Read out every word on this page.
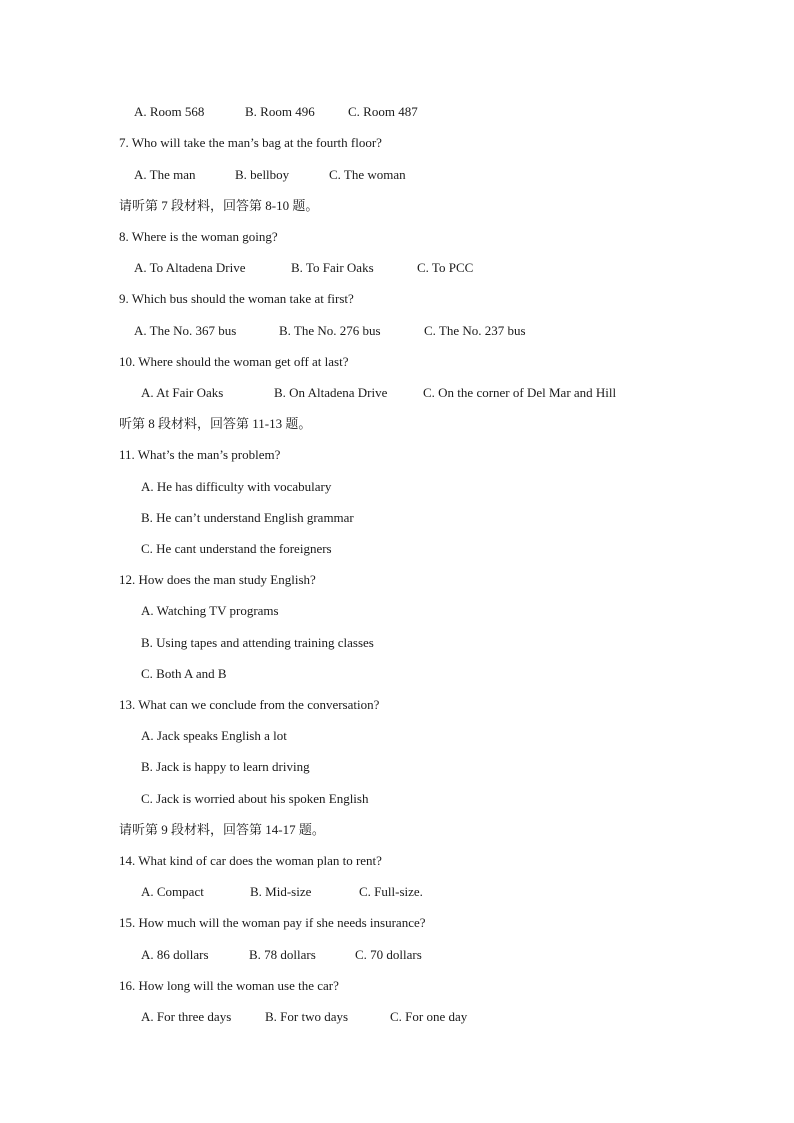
A. Room 568	B. Room 496	C. Room 487
7. Who will take the man’s bag at the fourth floor?
A. The man	B. bellboy	C. The woman
请听第 7 段材料，回答第 8-10 题。
8. Where is the woman going?
A. To Altadena Drive	B. To Fair Oaks	C. To PCC
9. Which bus should the woman take at first?
A. The No. 367 bus	B. The No. 276 bus	C. The No. 237 bus
10. Where should the woman get off at last?
A. At Fair Oaks	B. On Altadena Drive	C. On the corner of Del Mar and Hill
听第 8 段材料，回答第 11-13 题。
11. What’s the man’s problem?
A. He has difficulty with vocabulary
B. He can’t understand English grammar
C. He cant understand the foreigners
12. How does the man study English?
A. Watching TV programs
B. Using tapes and attending training classes
C. Both A and B
13. What can we conclude from the conversation?
A. Jack speaks English a lot
B. Jack is happy to learn driving
C. Jack is worried about his spoken English
请听第 9 段材料，回答第 14-17 题。
14. What kind of car does the woman plan to rent?
A. Compact	B. Mid-size	C. Full-size.
15. How much will the woman pay if she needs insurance?
A. 86 dollars	B. 78 dollars	C. 70 dollars
16. How long will the woman use the car?
A. For three days	B. For two days	C. For one day
